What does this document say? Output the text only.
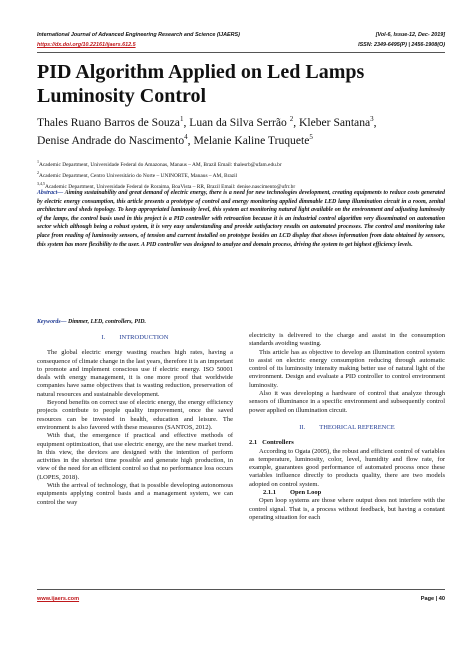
International Journal of Advanced Engineering Research and Science (IJAERS)
https://dx.doi.org/10.22161/ijaers.612.5
[Vol-6, Issue-12, Dec- 2019]
ISSN: 2349-6495(P) | 2456-1908(O)
PID Algorithm Applied on Led Lamps Luminosity Control
Thales Ruano Barros de Souza$^1$, Luan da Silva Serrão $^2$, Kleber Santana$^3$,
Denise Andrade do Nascimento$^4$, Melanie Kaline Truquete$^5$
$^1$Academic Department, Universidade Federal do Amazonas, Manaus – AM, Brazil Email: thalesrb@ufam.edu.br
$^2$Academic Department, Centro Universitário do Norte – UNINORTE, Manaus – AM, Brazil
$^{3,4,5}$Academic Department, Universidade Federal de Roraima, BoaVista – RR, Brazil Email: denise.nascimento@ufrr.br
Abstract— Aiming sustainability and great demand of electric energy, there is a need for new technologies development, creating equipments to reduce costs generated by electric energy consumption, this article presents a prototype of control and energy monitoring applied dimmable LED lamp illumination circuit in a room, zenital architecture and sheds topology. To keep appropriated luminosity level, this system act monitoring natural light available on the environment and adjusting luminosity of the lamps, the control basis used in this project is a PID controller with retroaction because it is an industrial control algorithm very disseminated on automation sector which although being a robust system, it is very easy understanding and provide satisfactory results on automated processes. The control and monitoring take place from reading of luminosity sensors, of tension and current installed on prototype besides an LCD display that shows information from data obtained by sensors, this system has more flexibility to the user. A PID controller was designed to analyze and domain process, driving the system to get highest efficiency levels.
Keywords— Dimmer, LED, controllers, PID.
I. INTRODUCTION

The global electric energy wasting reaches high rates, having a consequence of climate change in the last years, therefore it is an important to promote and implement conscious use if electric energy. ISO 50001 deals with energy management, it is one more proof that worldwide companies have same objectives that is wasting reduction, preservation of natural resources and sustainable development.

Beyond benefits on correct use of electric energy, the energy efficiency projects contribute to people quality improvement, once the saved resources can be invested in health, education and leisure. The environment is also favored with these measures (SANTOS, 2012).

With that, the emergence if practical and effective methods of equipment optimization, that use electric energy, are the new market trend. In this view, the devices are designed with the intention of perform activities in the shortest time possible and generate high production, in view of the need for an efficient control so that no performance loss occurs (LOPES, 2018).

With the arrival of technology, that is possible developing autonomous equipments applying control basis and a management system, we can control the way

electricity is delivered to the charge and assist in the consumption standards avoiding wasting.

This article has as objective to develop an illumination control system to assist on electric energy consumption reducing through automatic control of its luminosity intensity making better use of natural light of the environment. Design and evaluate a PID controller to control environment luminosity.

Also it was developing a hardware of control that analyze through sensors of illuminance in a specific environment and subsequently control power applied on illumination circuit.

II. THEORICAL REFERENCE
2.1 Controllers

According to Ogata (2005), the robust and efficient control of variables as temperature, luminosity, color, level, humidity and flow rate, for example, guarantees good performance of automated process once these variables influence directly to products quality, there are two models adopted on control system.

2.1.1 Open Loop

Open loop systems are those where output does not interfere with the control signal. That is, a process without feedback, but having a constant operating situation for each

www.ijaers.com	Page | 40
